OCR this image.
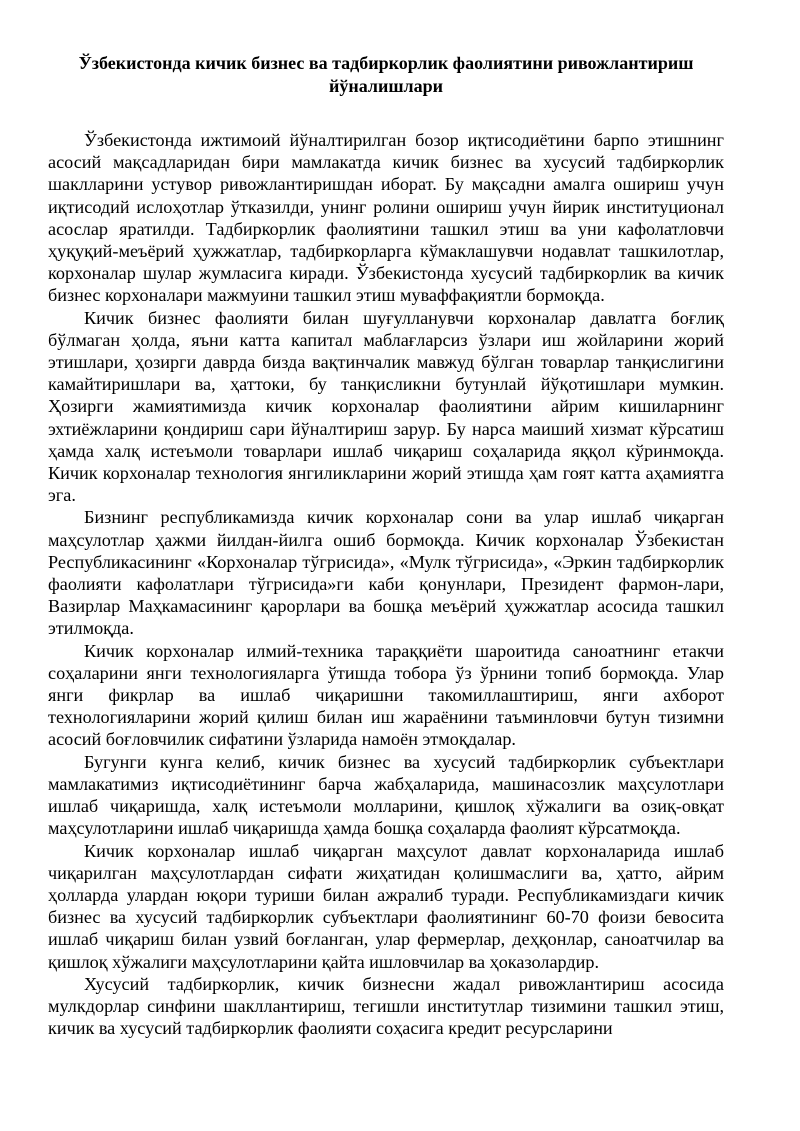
Ўзбекистонда кичик бизнес ва тадбиркорлик фаолиятини ривожлантириш йўналишлари

Ўзбекистонда ижтимоий йўналтирилган бозор иқтисодиётини барпо этишнинг асосий мақсадларидан бири мамлакатда кичик бизнес ва хусусий тадбиркорлик шаклларини устувор ривожлантиришдан иборат. Бу мақсадни амалга ошириш учун иқтисодий ислоҳотлар ўтказилди, унинг ролини ошириш учун йирик институционал асослар яратилди. Тадбиркорлик фаолиятини ташкил этиш ва уни кафолатловчи ҳуқуқий-меъёрий ҳужжатлар, тадбиркорларга кўмаклашувчи нодавлат ташкилотлар, корхоналар шулар жумласига киради. Ўзбекистонда хусусий тадбиркорлик ва кичик бизнес корхоналари мажмуини ташкил этиш муваффақиятли бормоқда.

Кичик бизнес фаолияти билан шуғулланувчи корхоналар давлатга боғлиқ бўлмаган ҳолда, яъни катта капитал маблағларсиз ўзлари иш жойларини жорий этишлари, ҳозирги даврда бизда вақтинчалик мавжуд бўлган товарлар танқислигини камайтиришлари ва, ҳаттоки, бу танқисликни бутунлай йўқотишлари мумкин. Ҳозирги жамиятимизда кичик корхоналар фаолиятини айрим кишиларнинг эхтиёжларини қондириш сари йўналтириш зарур. Бу нарса маиший хизмат кўрсатиш ҳамда халқ истеъмоли товарлари ишлаб чиқариш соҳаларида яққол кўринмоқда. Кичик корхоналар технология янгиликларини жорий этишда ҳам гоят катта аҳамиятга эга.

Бизнинг республикамизда кичик корхоналар сони ва улар ишлаб чиқарган маҳсулотлар ҳажми йилдан-йилга ошиб бормоқда. Кичик корхоналар Ўзбекистан Республикасининг «Корхоналар тўгрисида», «Мулк тўгрисида», «Эркин тадбиркорлик фаолияти кафолатлари тўгрисида»ги каби қонунлари, Президент фармон-лари, Вазирлар Маҳкамасининг қарорлари ва бошқа меъёрий ҳужжатлар асосида ташкил этилмоқда.

Кичик корхоналар илмий-техника тараққиёти шароитида саноатнинг етакчи соҳаларини янги технологияларга ўтишда тобора ўз ўрнини топиб бормоқда. Улар янги фикрлар ва ишлаб чиқаришни такомиллаштириш, янги ахборот технологияларини жорий қилиш билан иш жараёнини таъминловчи бутун тизимни асосий боғловчилик сифатини ўзларида намоён этмоқдалар.

Бугунги кунга келиб, кичик бизнес ва хусусий тадбиркорлик субъектлари мамлакатимиз иқтисодиётининг барча жабҳаларида, машинасозлик маҳсулотлари ишлаб чиқаришда, халқ истеъмоли молларини, қишлоқ хўжалиги ва озиқ-овқат маҳсулотларини ишлаб чиқаришда ҳамда бошқа соҳаларда фаолият кўрсатмоқда.

Кичик корхоналар ишлаб чиқарган маҳсулот давлат корхоналарида ишлаб чиқарилган маҳсулотлардан сифати жиҳатидан қолишмаслиги ва, ҳатто, айрим ҳолларда улардан юқори туриши билан ажралиб туради. Республикамиздаги кичик бизнес ва хусусий тадбиркорлик субъектлари фаолиятининг 60-70 фоизи бевосита ишлаб чиқариш билан узвий боғланган, улар фермерлар, деҳқонлар, саноатчилар ва қишлоқ хўжалиги маҳсулотларини қайта ишловчилар ва ҳоказолардир.

Хусусий тадбиркорлик, кичик бизнесни жадал ривожлантириш асосида мулкдорлар синфини шакллантириш, тегишли институтлар тизимини ташкил этиш, кичик ва хусусий тадбиркорлик фаолияти соҳасига кредит ресурсларини
